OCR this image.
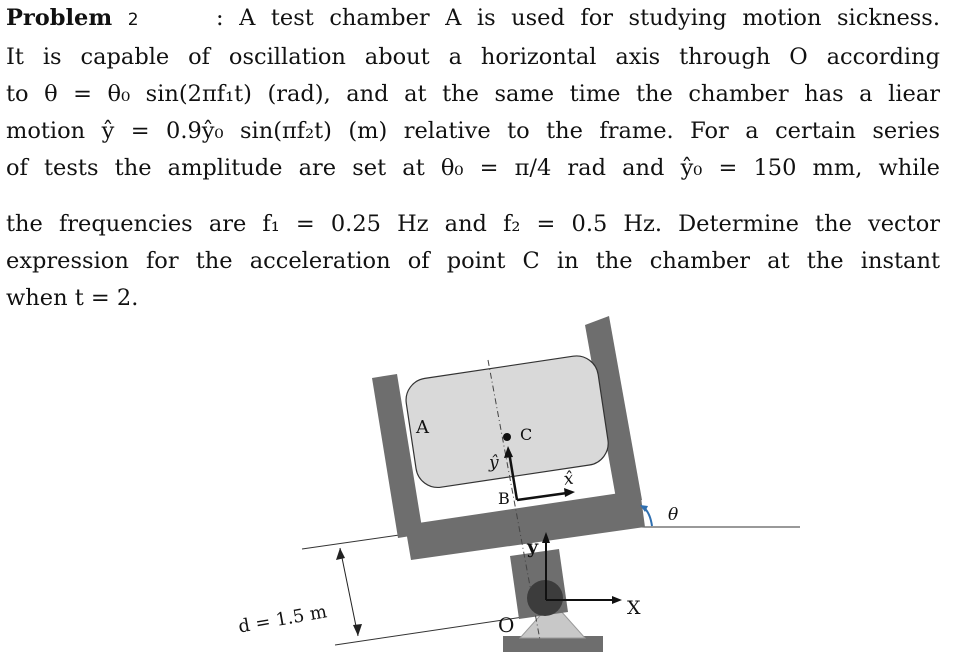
Problem 2	: A test chamber A is used for studying motion sickness.
It is capable of oscillation about a horizontal axis through O according
to θ = θ₀ sin(2πf₁t) (rad), and at the same time the chamber has a liear
motion ŷ = 0.9ŷ₀ sin(πf₂t) (m) relative to the frame. For a certain series
of tests the amplitude are set at θ₀ = π/4 rad and ŷ₀ = 150 mm, while

the frequencies are f₁ = 0.25 Hz and f₂ = 0.5 Hz. Determine the vector
expression for the acceleration of point C in the chamber at the instant
when t = 2.

A	C
B
ŷ
x̂
y
X
O
θ
d = 1.5 m
